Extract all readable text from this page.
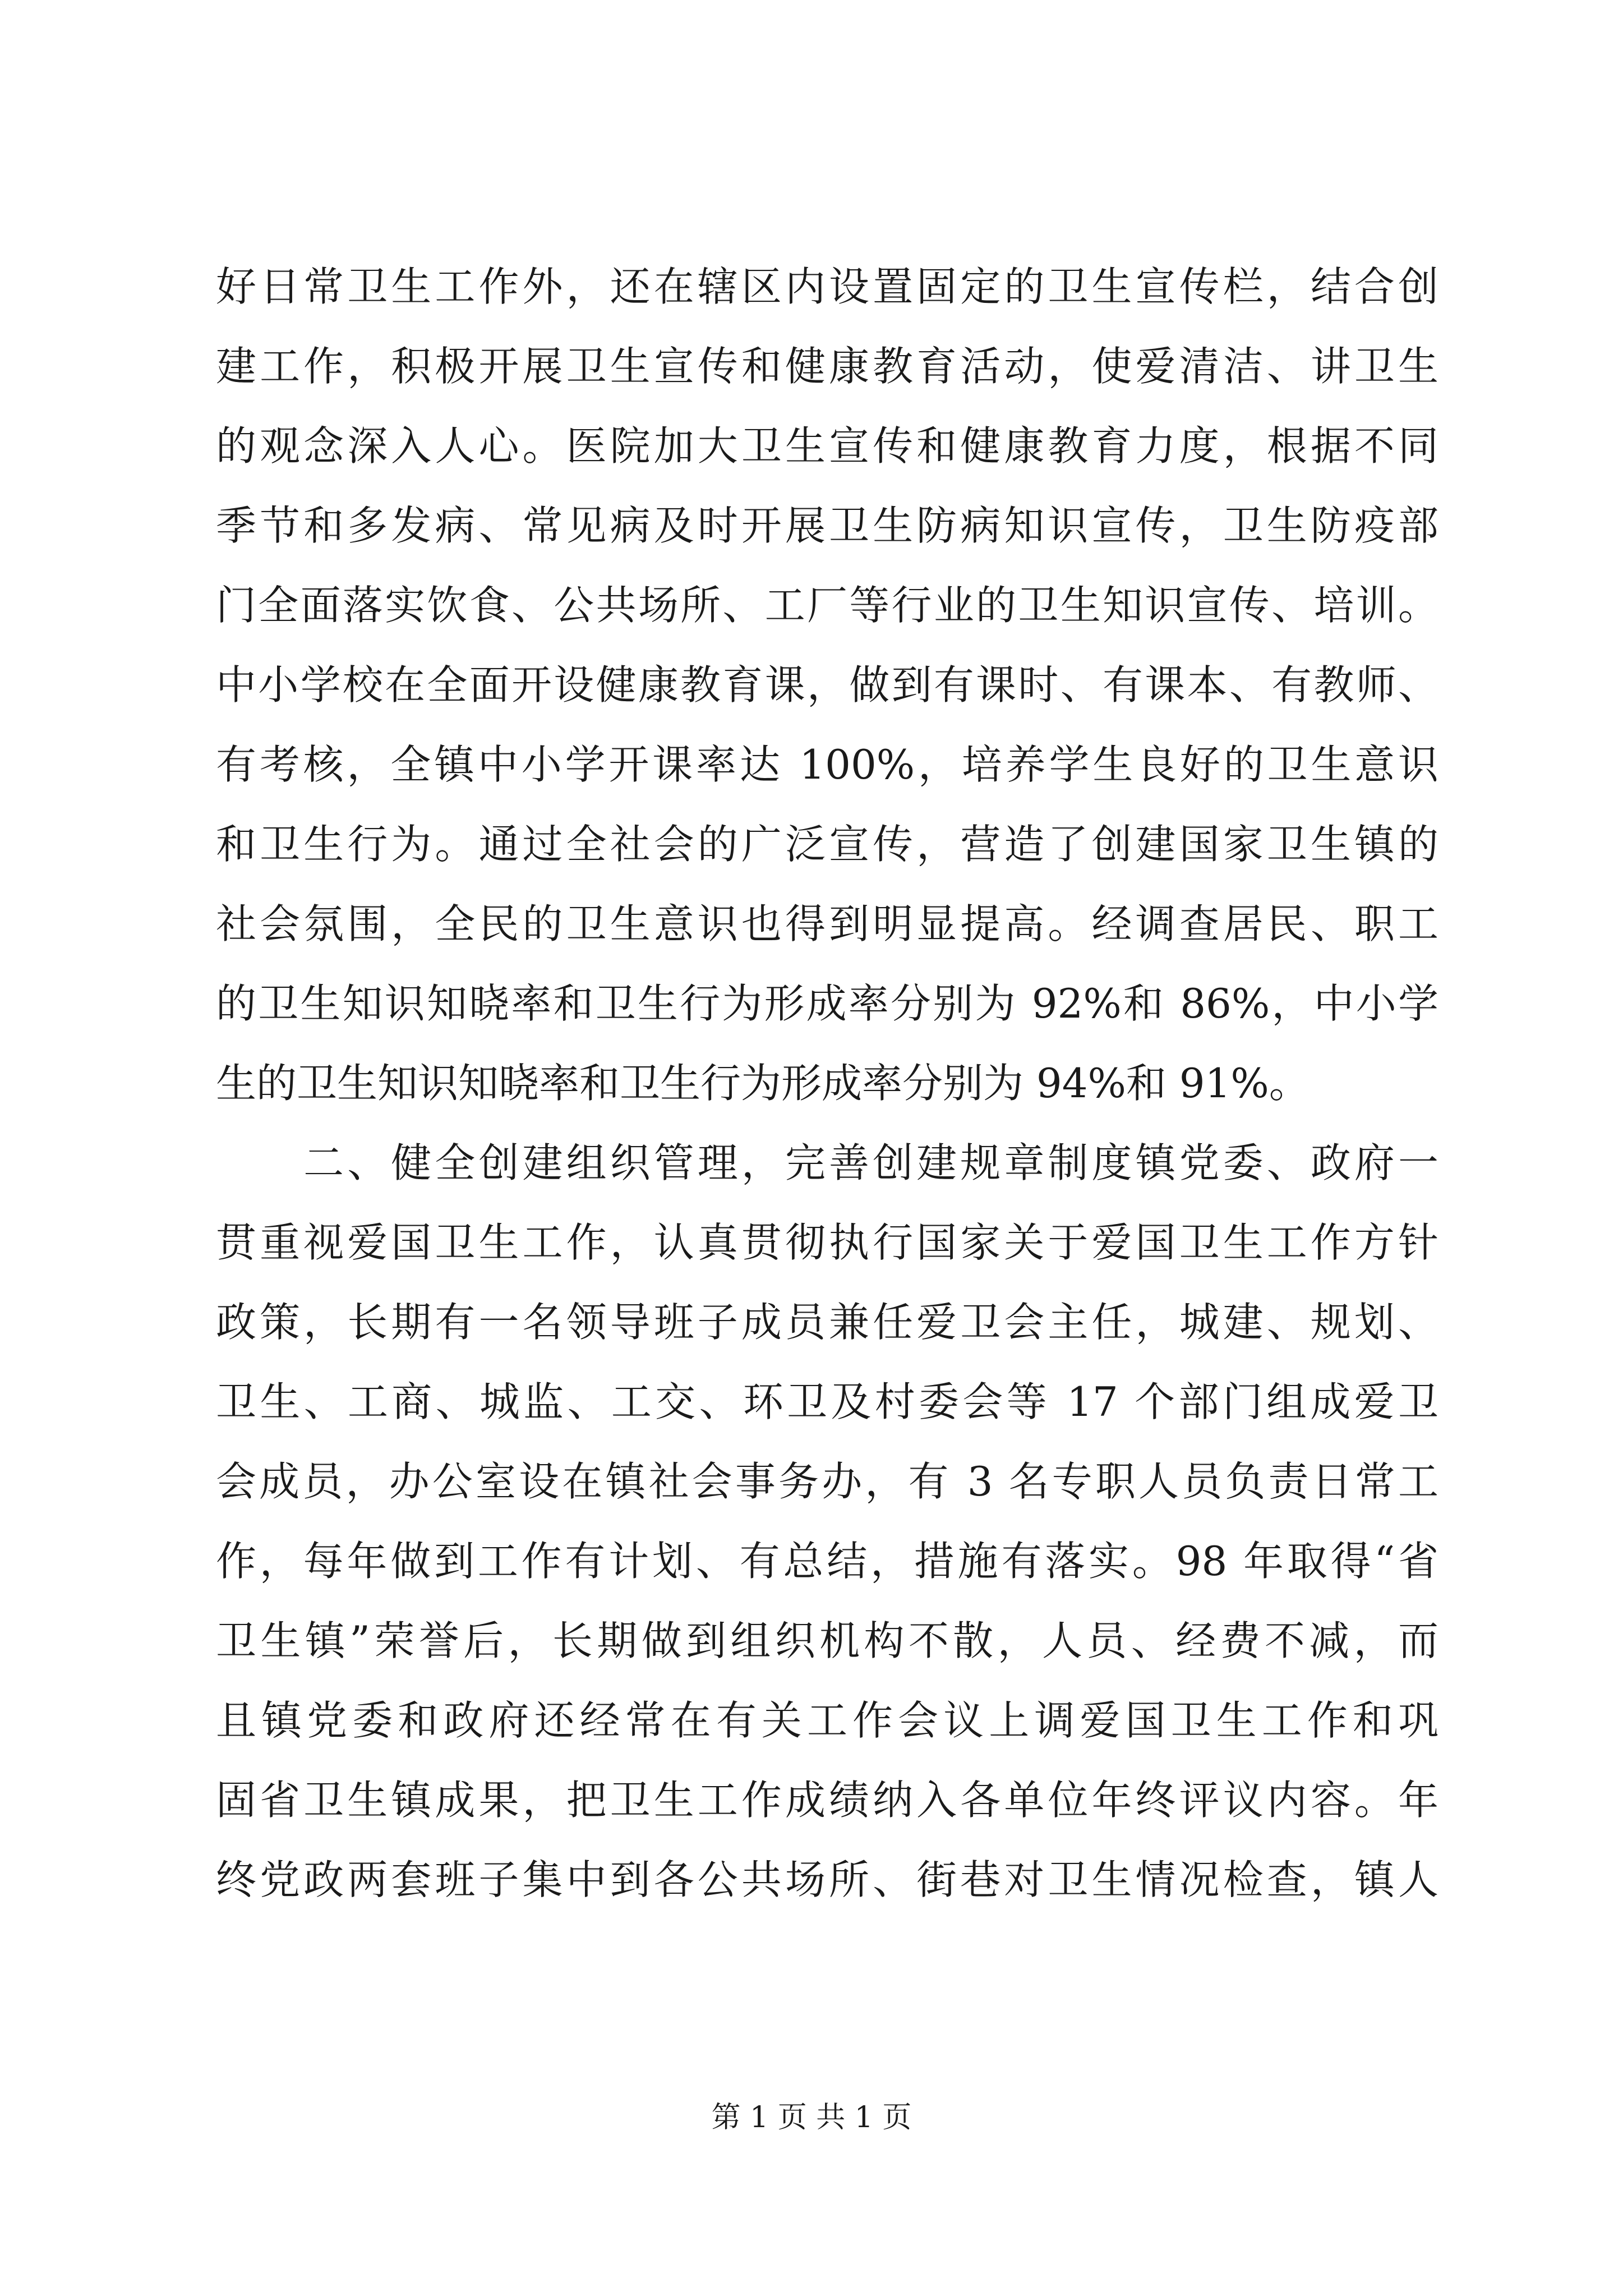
好日常卫生工作外，还在辖区内设置固定的卫生宣传栏，结合创
建工作，积极开展卫生宣传和健康教育活动，使爱清洁、讲卫生
的观念深入人心。医院加大卫生宣传和健康教育力度，根据不同
季节和多发病、常见病及时开展卫生防病知识宣传，卫生防疫部
门全面落实饮食、公共场所、工厂等行业的卫生知识宣传、培训。
中小学校在全面开设健康教育课，做到有课时、有课本、有教师、
有考核，全镇中小学开课率达 100%，培养学生良好的卫生意识
和卫生行为。通过全社会的广泛宣传，营造了创建国家卫生镇的
社会氛围，全民的卫生意识也得到明显提高。经调查居民、职工
的卫生知识知晓率和卫生行为形成率分别为 92%和 86%，中小学
生的卫生知识知晓率和卫生行为形成率分别为 94%和 91%。
　　二、健全创建组织管理，完善创建规章制度镇党委、政府一
贯重视爱国卫生工作，认真贯彻执行国家关于爱国卫生工作方针
政策，长期有一名领导班子成员兼任爱卫会主任，城建、规划、
卫生、工商、城监、工交、环卫及村委会等 17 个部门组成爱卫
会成员，办公室设在镇社会事务办，有 3 名专职人员负责日常工
作，每年做到工作有计划、有总结，措施有落实。98 年取得“省
卫生镇”荣誉后，长期做到组织机构不散，人员、经费不减，而
且镇党委和政府还经常在有关工作会议上调爱国卫生工作和巩
固省卫生镇成果，把卫生工作成绩纳入各单位年终评议内容。年
终党政两套班子集中到各公共场所、街巷对卫生情况检查，镇人
第 1 页 共 1 页
